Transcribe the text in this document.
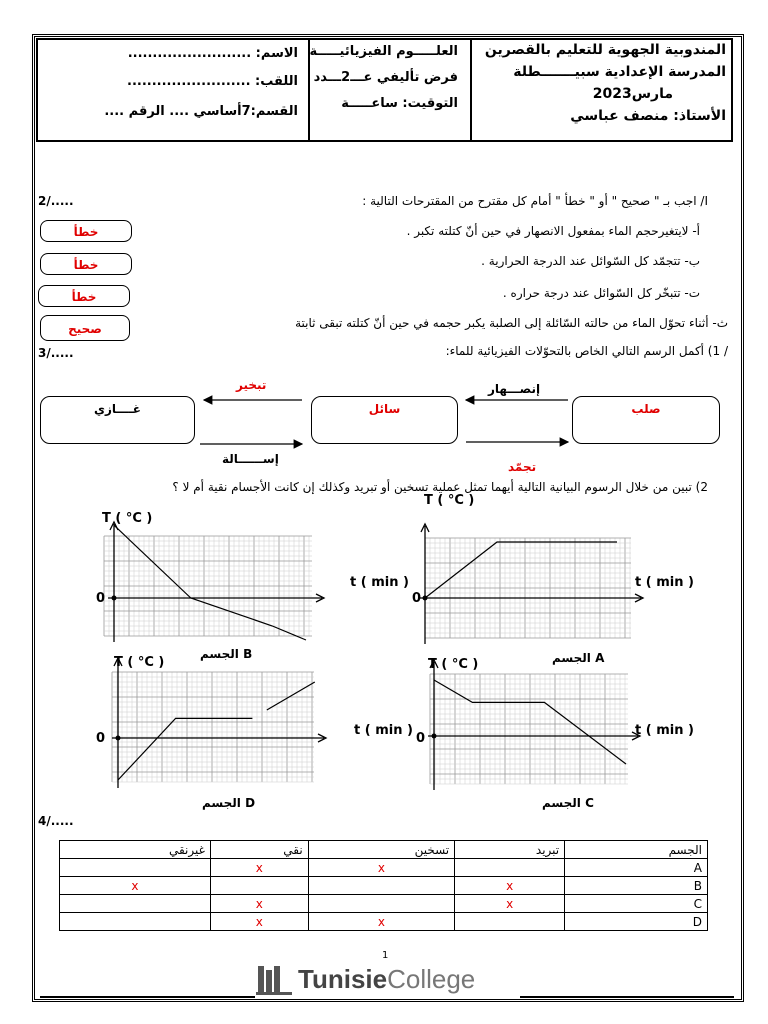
المندوبية الجهوية للتعليم بالقصرين
المدرسة الإعدادية سبيـــــــطلة
مارس2023
الأستاذ: منصف عباسي
العلـــــوم الفيزيائيـــــة
فرض تأليفي عـــ2ـــدد
التوقيت: ساعـــــة
الاسم: .........................
اللقب: .........................
القسم:7أساسي .... الرقم ....
2/.....	I/ اجب بـ " صحيح " أو " خطأ " أمام كل مقترح من المقترحات التالية :
أ- لايتغيرحجم الماء بمفعول الانصهار في حين أنّ كتلته تكبر .
خطأ
ب- تتجمّد كل السّوائل عند الدرجة الحرارية .
خطأ
ت- تتبخّر كل السّوائل عند درجة حراره .
خطأ
ث- أثناء تحوّل الماء من حالته السّائلة إلى الصلبة يكبر حجمه في حين أنّ كتلته تبقى ثابتة
صحيح
3/.....	/ 1) أكمل الرسم التالي الخاص بالتحوّلات الفيزيائية للماء:
صلب
سائل
غــــازي
إنصـــهار
تجمّد
تبخير
إســــــالة
2) تبين من خلال الرسوم البيانية التالية أيهما تمثل عملية تسخين أو تبريد وكذلك إن كانت الأجسام نقية أم لا ؟
T ( °C )
t ( min )
0
T ( °C )
t ( min )
0
T ( °C )
t ( min )
0
T ( °C )
t ( min )
0
الجسم A
الجسم B
الجسم C
الجسم D
4/.....
الجسم	تبريد	تسخين	نقي	غيرنقي
A		x	x	
B	x			x
C	x		x	
D		x	x	
1
TunisieCollege
